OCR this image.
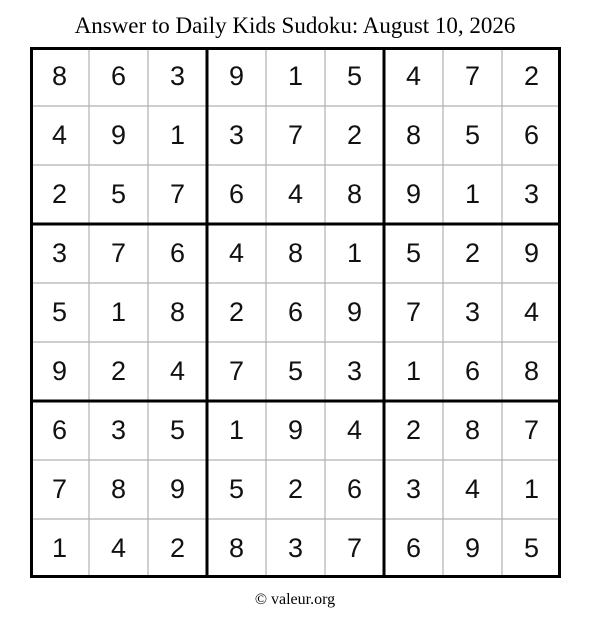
Answer to Daily Kids Sudoku: August 10, 2026
8	6	3	9	1	5	4	7	2
4	9	1	3	7	2	8	5	6
2	5	7	6	4	8	9	1	3
3	7	6	4	8	1	5	2	9
5	1	8	2	6	9	7	3	4
9	2	4	7	5	3	1	6	8
6	3	5	1	9	4	2	8	7
7	8	9	5	2	6	3	4	1
1	4	2	8	3	7	6	9	5
© valeur.org
